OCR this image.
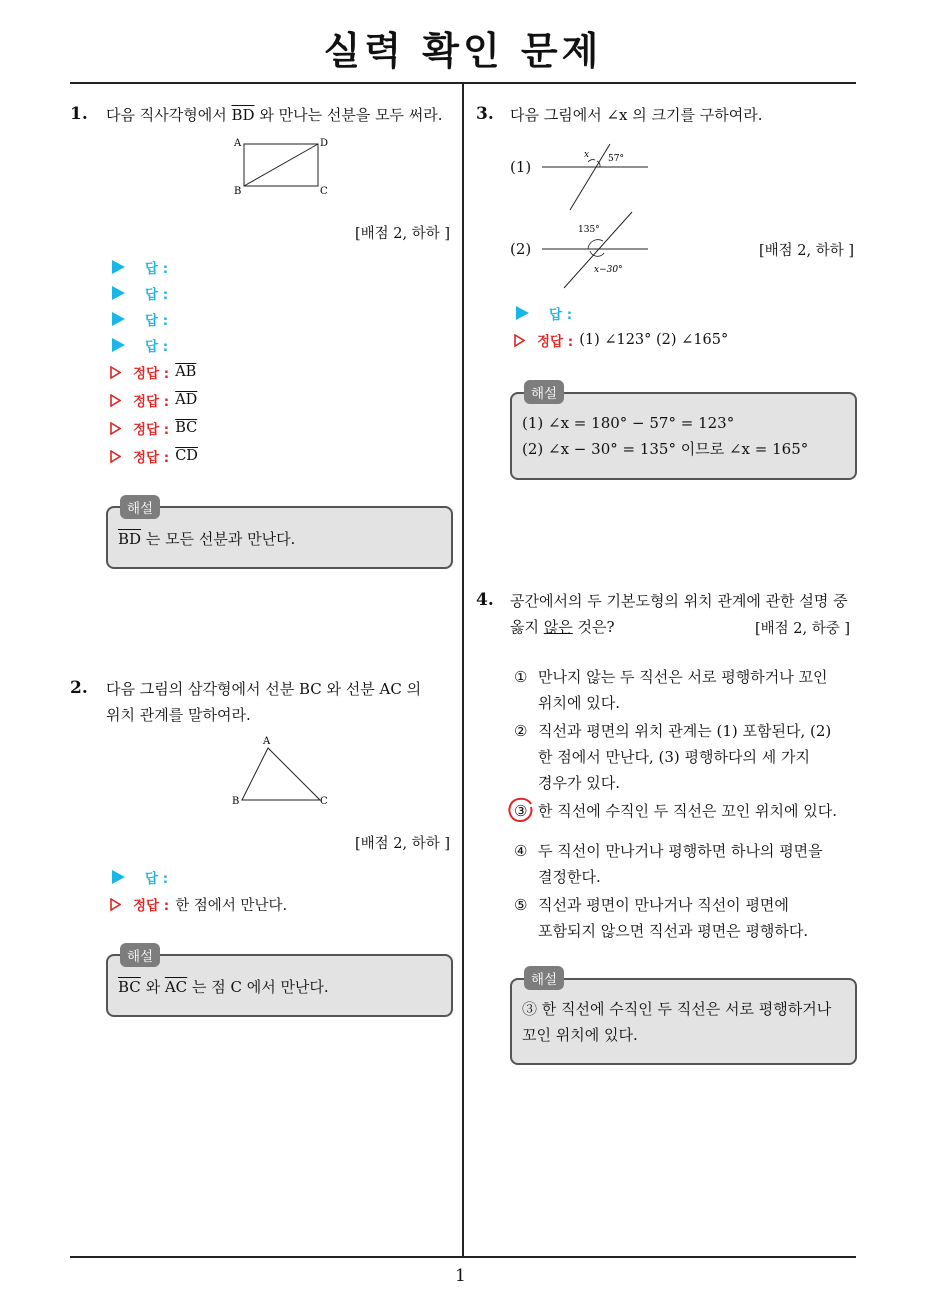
실력 확인 문제
1
1. 다음 직사각형에서 $\overline{BD}$ 와 만나는 선분을 모두 써라.
A	D
B	C
[배점 2, 하하 ]
답 :
답 :
답 :
답 :
정답 : $\overline{AB}$
정답 : $\overline{AD}$
정답 : $\overline{BC}$
정답 : $\overline{CD}$
$\overline{BD}$ 는 모든 선분과 만난다.
해설
2. 다음 그림의 삼각형에서 선분 BC 와 선분 AC 의
위치 관계를 말하여라.
A
B	C
[배점 2, 하하 ]
답 :
정답 : 한 점에서 만난다.
$\overline{BC}$ 와 $\overline{AC}$ 는 점 C 에서 만난다.
해설
3. 다음 그림에서 ∠x 의 크기를 구하여라.
(1)
x 57°
(2)
135°
x−30°
[배점 2, 하하 ]
답 :
정답 : (1) ∠123° (2) ∠165°
(1) ∠x = 180° − 57° = 123°
(2) ∠x − 30° = 135° 이므로 ∠x = 165°
해설
4. 공간에서의 두 기본도형의 위치 관계에 관한 설명 중
옳지 않은 것은?	[배점 2, 하중 ]
① 만나지 않는 두 직선은 서로 평행하거나 꼬인
위치에 있다.
② 직선과 평면의 위치 관계는 (1) 포함된다, (2)
한 점에서 만난다, (3) 평행하다의 세 가지
경우가 있다.
③ 한 직선에 수직인 두 직선은 꼬인 위치에 있다.
④ 두 직선이 만나거나 평행하면 하나의 평면을
결정한다.
⑤ 직선과 평면이 만나거나 직선이 평면에
포함되지 않으면 직선과 평면은 평행하다.
③ 한 직선에 수직인 두 직선은 서로 평행하거나
꼬인 위치에 있다.
해설
